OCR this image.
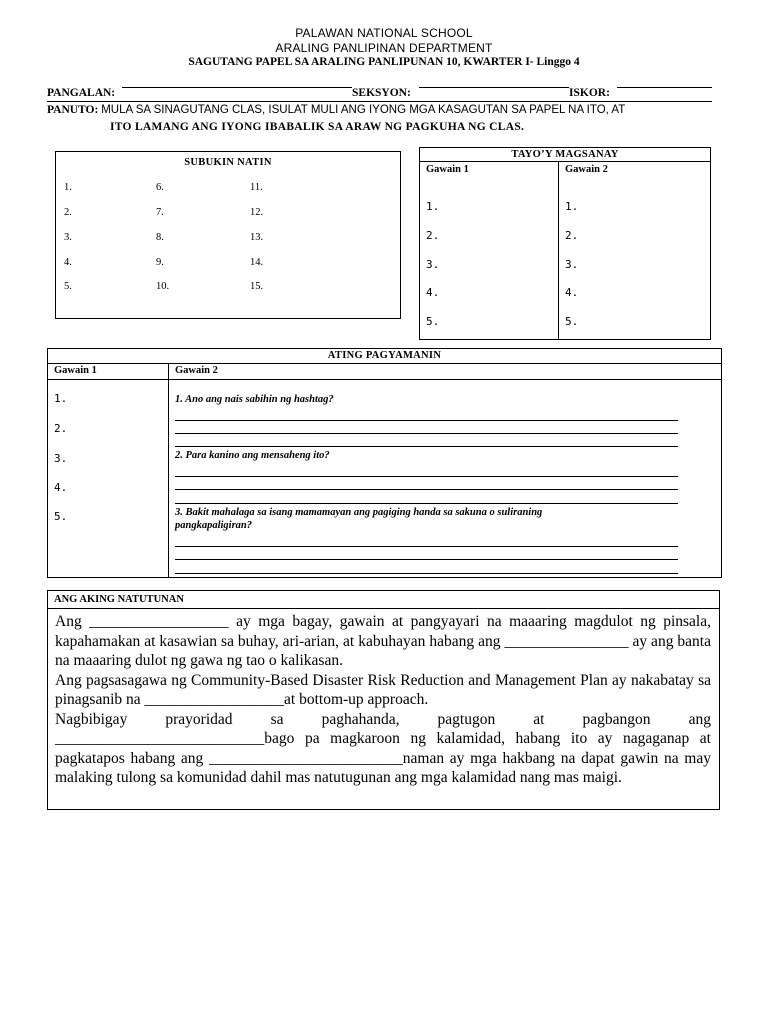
PALAWAN NATIONAL SCHOOL
ARALING PANLIPINAN DEPARTMENT
SAGUTANG PAPEL SA ARALING PANLIPUNAN 10, KWARTER I- Linggo 4
PANGALAN:	SEKSYON:	ISKOR:
PANUTO: MULA SA SINAGUTANG CLAS, ISULAT MULI ANG IYONG MGA KASAGUTAN SA PAPEL NA ITO, AT
ITO LAMANG ANG IYONG IBABALIK SA ARAW NG PAGKUHA NG CLAS.
SUBUKIN NATIN
1.
2.
3.
4.
5.
6.
7.
8.
9.
10.
11.
12.
13.
14.
15.
TAYO’Y MAGSANAY
Gawain 1	Gawain 2
1.
2.
3.
4.
5.
1.
2.
3.
4.
5.
ATING PAGYAMANIN
Gawain 1	Gawain 2
1.
2.
3.
4.
5.
1. Ano ang nais sabihin ng hashtag?
2. Para kanino ang mensaheng ito?
3. Bakit mahalaga sa isang mamamayan ang pagiging handa sa sakuna o suliraning
pangkapaligiran?
ANG AKING NATUTUNAN

Ang __________________ ay mga bagay, gawain at pangyayari na maaaring magdulot ng pinsala, kapahamakan at kasawian sa buhay, ari-arian, at kabuhayan habang ang ________________ ay ang banta na maaaring dulot ng gawa ng tao o kalikasan.

Ang pagsasagawa ng Community-Based Disaster Risk Reduction and Management Plan ay nakabatay sa pinagsanib na __________________at bottom-up approach.

Nagbibigay prayoridad sa paghahanda, pagtugon at pagbangon ang ___________________________bago pa magkaroon ng kalamidad, habang ito ay nagaganap at pagkatapos habang ang _________________________naman ay mga hakbang na dapat gawin na may malaking tulong sa komunidad dahil mas natutugunan ang mga kalamidad nang mas maigi.
